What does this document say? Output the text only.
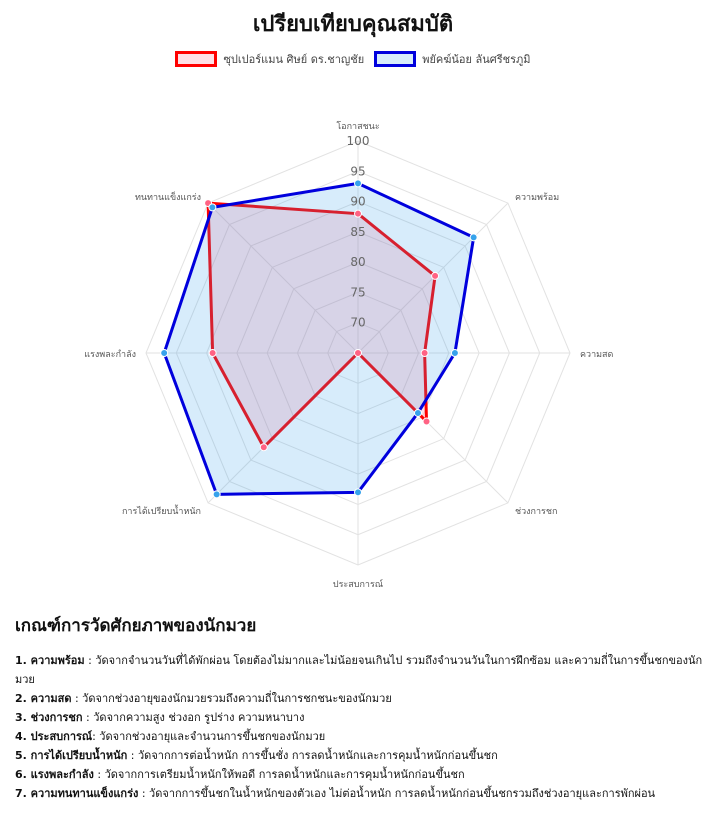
เปรียบเทียบคุณสมบัติ
ซุปเปอร์แมน ศิษย์ ดร.ชาญชัย	พยัคฆ์น้อย ลันศรีชรภูมิ
70
75
80
85
90
95
100
โอกาสชนะ
ความพร้อม
ความสด
ช่วงการชก
ประสบการณ์
การได้เปรียบน้ำหนัก
แรงพละกำลัง
ทนทานแข็งแกร่ง
เกณฑ์การวัดศักยภาพของนักมวย

1. ความพร้อม : วัดจากจำนวนวันที่ได้พักผ่อน โดยต้องไม่มากและไม่น้อยจนเกินไป รวมถึงจำนวนวันในการฝึกซ้อม และความถี่ในการขึ้นชกของนักมวย

2. ความสด : วัดจากช่วงอายุของนักมวยรวมถึงความถี่ในการชกชนะของนักมวย

3. ช่วงการชก : วัดจากความสูง ช่วงอก รูปร่าง ความหนาบาง

4. ประสบการณ์: วัดจากช่วงอายุและจำนวนการขึ้นชกของนักมวย

5. การได้เปรียบน้ำหนัก : วัดจากการต่อน้ำหนัก การขึ้นชั่ง การลดน้ำหนักและการคุมน้ำหนักก่อนขึ้นชก

6. แรงพละกำลัง : วัดจากการเตรียมน้ำหนักให้พอดี การลดน้ำหนักและการคุมน้ำหนักก่อนขึ้นชก

7. ความทนทานแข็งแกร่ง : วัดจากการขึ้นชกในน้ำหนักของตัวเอง ไม่ต่อน้ำหนัก การลดน้ำหนักก่อนขึ้นชกรวมถึงช่วงอายุและการพักผ่อน
